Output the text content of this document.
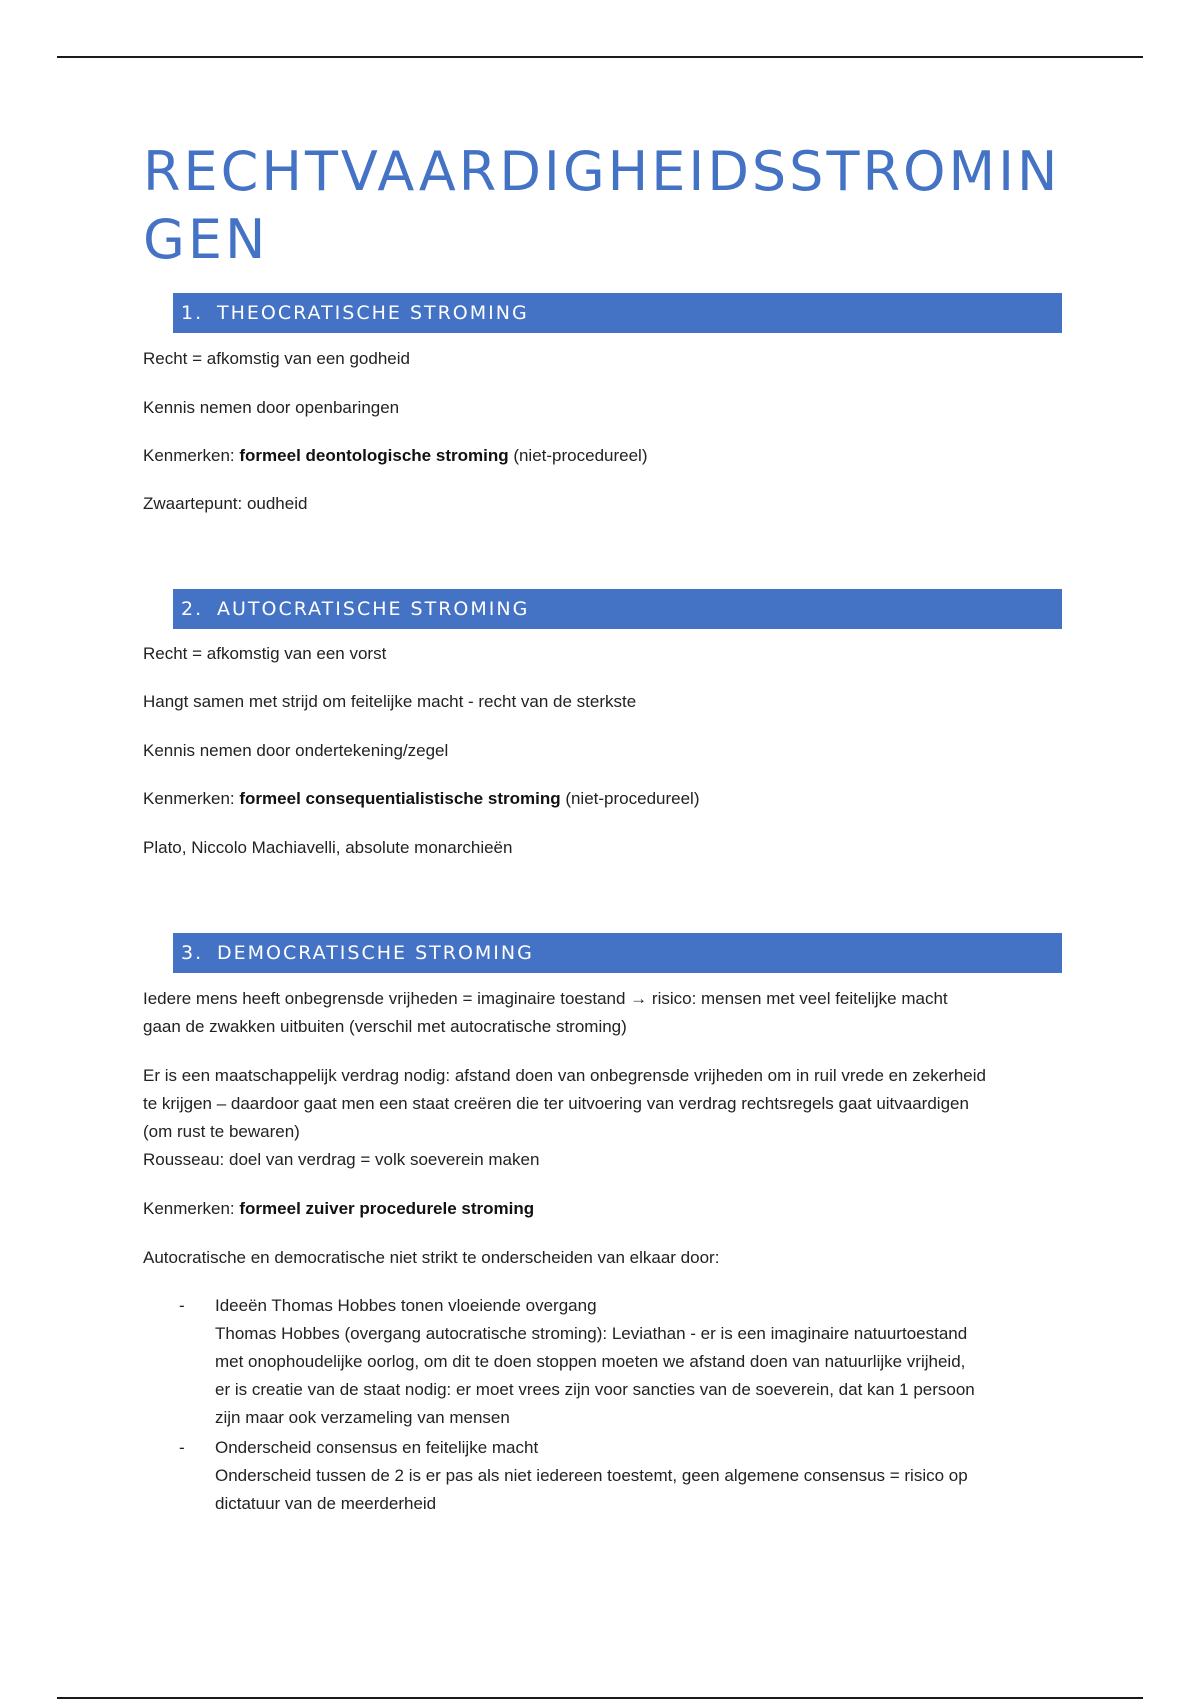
RECHTVAARDIGHEIDSSTROMINGEN
1. THEOCRATISCHE STROMING

Recht = afkomstig van een godheid

Kennis nemen door openbaringen

Kenmerken: formeel deontologische stroming (niet-procedureel)

Zwaartepunt: oudheid

2. AUTOCRATISCHE STROMING

Recht = afkomstig van een vorst

Hangt samen met strijd om feitelijke macht - recht van de sterkste

Kennis nemen door ondertekening/zegel

Kenmerken: formeel consequentialistische stroming (niet-procedureel)

Plato, Niccolo Machiavelli, absolute monarchieën

3. DEMOCRATISCHE STROMING

Iedere mens heeft onbegrensde vrijheden = imaginaire toestand → risico: mensen met veel feitelijke macht
gaan de zwakken uitbuiten (verschil met autocratische stroming)

Er is een maatschappelijk verdrag nodig: afstand doen van onbegrensde vrijheden om in ruil vrede en zekerheid
te krijgen – daardoor gaat men een staat creëren die ter uitvoering van verdrag rechtsregels gaat uitvaardigen
(om rust te bewaren)
Rousseau: doel van verdrag = volk soeverein maken

Kenmerken: formeel zuiver procedurele stroming

Autocratische en democratische niet strikt te onderscheiden van elkaar door:

- Ideeën Thomas Hobbes tonen vloeiende overgang
Thomas Hobbes (overgang autocratische stroming): Leviathan - er is een imaginaire natuurtoestand
met onophoudelijke oorlog, om dit te doen stoppen moeten we afstand doen van natuurlijke vrijheid,
er is creatie van de staat nodig: er moet vrees zijn voor sancties van de soeverein, dat kan 1 persoon
zijn maar ook verzameling van mensen
- Onderscheid consensus en feitelijke macht
Onderscheid tussen de 2 is er pas als niet iedereen toestemt, geen algemene consensus = risico op
dictatuur van de meerderheid
